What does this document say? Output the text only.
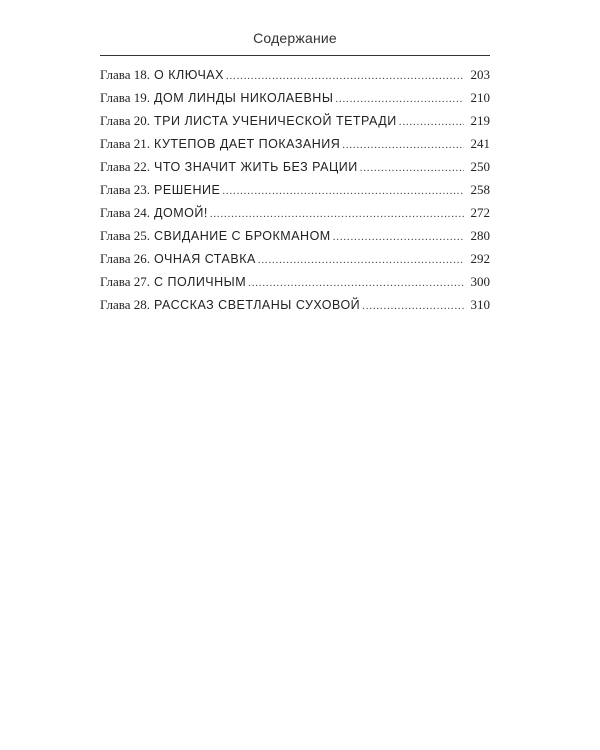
Содержание
Глава 18. О КЛЮЧАХ .....	203
Глава 19. ДОМ ЛИНДЫ НИКОЛАЕВНЫ .....	210
Глава 20. ТРИ ЛИСТА УЧЕНИЧЕСКОЙ ТЕТРАДИ .....	219
Глава 21. КУТЕПОВ ДАЕТ ПОКАЗАНИЯ .....	241
Глава 22. ЧТО ЗНАЧИТ ЖИТЬ БЕЗ РАЦИИ .....	250
Глава 23. РЕШЕНИЕ .....	258
Глава 24. ДОМОЙ! .....	272
Глава 25. СВИДАНИЕ С БРОКМАНОМ .....	280
Глава 26. ОЧНАЯ СТАВКА .....	292
Глава 27. С ПОЛИЧНЫМ .....	300
Глава 28. РАССКАЗ СВЕТЛАНЫ СУХОВОЙ .....	310
